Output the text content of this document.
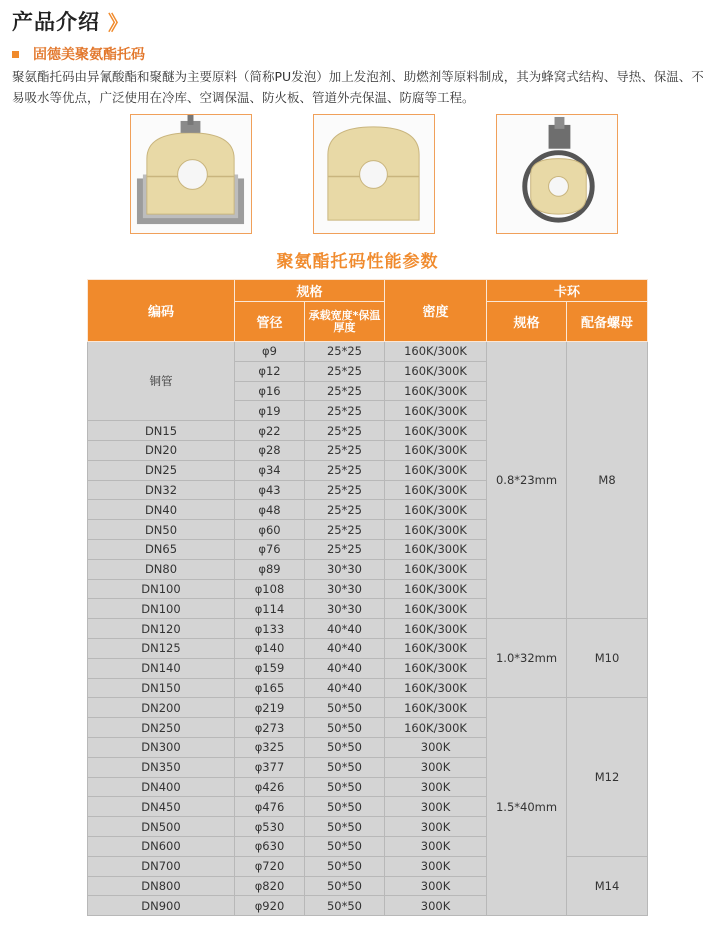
产品介绍 》
固德美聚氨酯托码
聚氨酯托码由异氰酸酯和聚醚为主要原料（简称PU发泡）加上发泡剂、助燃剂等原料制成，其为蜂窝式结构、导热、保温、不易吸水等优点，广泛使用在冷库、空调保温、防火板、管道外壳保温、防腐等工程。
聚氨酯托码性能参数
编码	规格		密度	卡环	
	管径	承载宽度*保温厚度		规格	配备螺母
铜管	φ9	25*25	160K/300K	0.8*23mm	M8
	φ12	25*25	160K/300K		
	φ16	25*25	160K/300K		
	φ19	25*25	160K/300K		
DN15	φ22	25*25	160K/300K		
DN20	φ28	25*25	160K/300K		
DN25	φ34	25*25	160K/300K		
DN32	φ43	25*25	160K/300K		
DN40	φ48	25*25	160K/300K		
DN50	φ60	25*25	160K/300K		
DN65	φ76	25*25	160K/300K		
DN80	φ89	30*30	160K/300K		
DN100	φ108	30*30	160K/300K		
DN100	φ114	30*30	160K/300K		
DN120	φ133	40*40	160K/300K	1.0*32mm	M10
DN125	φ140	40*40	160K/300K		
DN140	φ159	40*40	160K/300K		
DN150	φ165	40*40	160K/300K		
DN200	φ219	50*50	160K/300K	1.5*40mm	M12
DN250	φ273	50*50	160K/300K		
DN300	φ325	50*50	300K		
DN350	φ377	50*50	300K		
DN400	φ426	50*50	300K		
DN450	φ476	50*50	300K		
DN500	φ530	50*50	300K		
DN600	φ630	50*50	300K		
DN700	φ720	50*50	300K		M14
DN800	φ820	50*50	300K		
DN900	φ920	50*50	300K		
